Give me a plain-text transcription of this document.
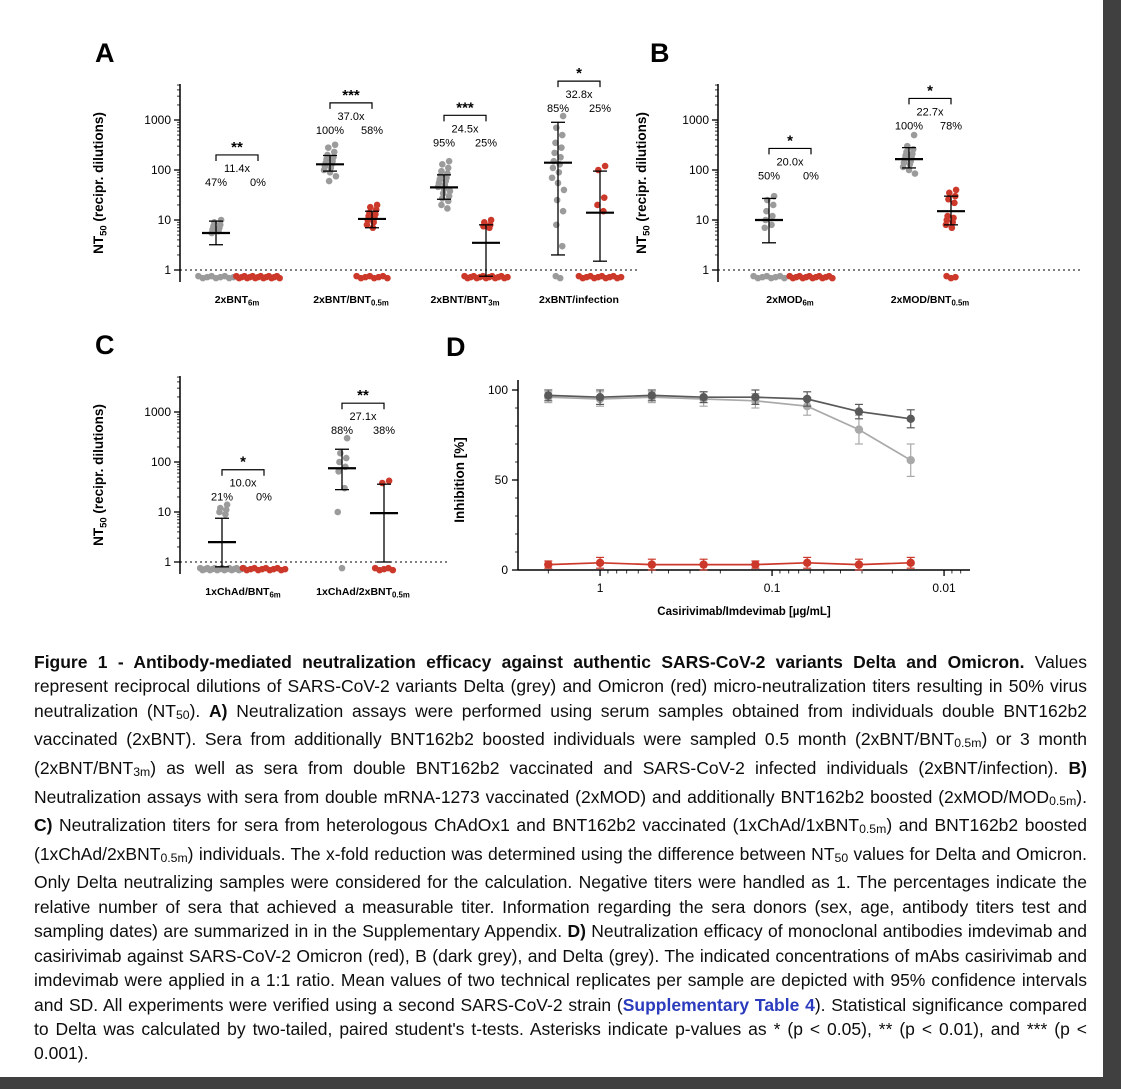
A	B
C	D
1
10
100
1000
$NT_{50}$ (recipr. dilutions)	**
11.4x
47% 0%
2xBNT$_{6m}$
***
37.0x
100% 58%
$2xBNT/BNT_{0.5m}$
***
24.5x
95% 25%
$2xBNT/BNT_{3m}$
*
32.8x
85% 25%
2xBNT/infection
1
10
100
1000
$NT_{50}$ (recipr. dilutions)	*
20.0x
50% 0%
2xMOD$_{6m}$
*
22.7x
100% 78%
$2xMOD/BNT_{0.5m}$
1
10
100
1000
$NT_{50}$ (recipr. dilutions)	*
10.0x
21% 0%
$1xChAd/BNT_{6m}$
**
27.1x
88% 38%
1xChAd/2xBNT$_{0.5m}$
0
50
100
1	0.1	0.01
Inhibition [%]
Casirivimab/Imdevimab [µg/mL]
Figure 1 - Antibody-mediated neutralization efficacy against authentic SARS-CoV-2 variants Delta and Omicron. Values represent reciprocal dilutions of SARS-CoV-2 variants Delta (grey) and Omicron (red) micro-neutralization titers resulting in 50% virus neutralization (NT50). A) Neutralization assays were performed using serum samples obtained from individuals double BNT162b2 vaccinated (2xBNT). Sera from additionally BNT162b2 boosted individuals were sampled 0.5 month (2xBNT/BNT0.5m) or 3 month (2xBNT/BNT3m) as well as sera from double BNT162b2 vaccinated and SARS-CoV-2 infected individuals (2xBNT/infection). B) Neutralization assays with sera from double mRNA-1273 vaccinated (2xMOD) and additionally BNT162b2 boosted (2xMOD/MOD0.5m). C) Neutralization titers for sera from heterologous ChAdOx1 and BNT162b2 vaccinated (1xChAd/1xBNT0.5m) and BNT162b2 boosted (1xChAd/2xBNT0.5m) individuals. The x-fold reduction was determined using the difference between NT50 values for Delta and Omicron. Only Delta neutralizing samples were considered for the calculation. Negative titers were handled as 1. The percentages indicate the relative number of sera that achieved a measurable titer. Information regarding the sera donors (sex, age, antibody titers test and sampling dates) are summarized in in the Supplementary Appendix. D) Neutralization efficacy of monoclonal antibodies imdevimab and casirivimab against SARS-CoV-2 Omicron (red), B (dark grey), and Delta (grey). The indicated concentrations of mAbs casirivimab and imdevimab were applied in a 1:1 ratio. Mean values of two technical replicates per sample are depicted with 95% confidence intervals and SD. All experiments were verified using a second SARS-CoV-2 strain (Supplementary Table 4). Statistical significance compared to Delta was calculated by two-tailed, paired student's t-tests. Asterisks indicate p-values as * (p < 0.05), ** (p < 0.01), and *** (p < 0.001).
